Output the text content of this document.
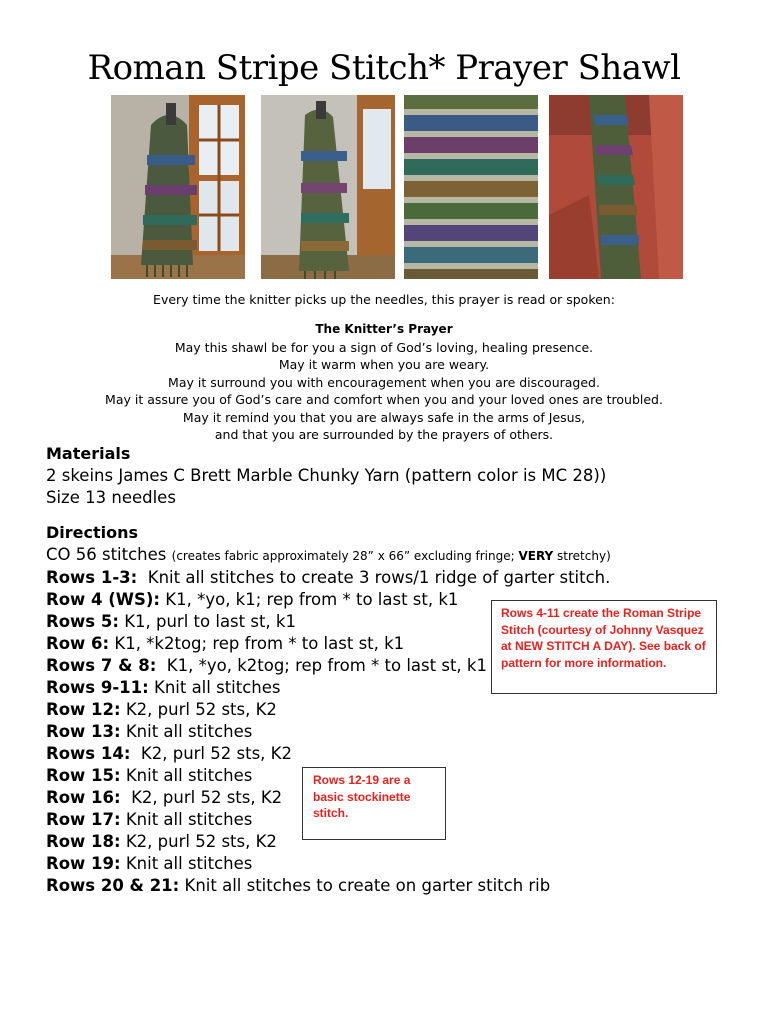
Roman Stripe Stitch* Prayer Shawl
Every time the knitter picks up the needles, this prayer is read or spoken:
The Knitter’s Prayer
May this shawl be for you a sign of God’s loving, healing presence.
May it warm when you are weary.
May it surround you with encouragement when you are discouraged.
May it assure you of God’s care and comfort when you and your loved ones are troubled.
May it remind you that you are always safe in the arms of Jesus,
and that you are surrounded by the prayers of others.
Materials
2 skeins James C Brett Marble Chunky Yarn (pattern color is MC 28))
Size 13 needles
Directions
CO 56 stitches (creates fabric approximately 28” x 66” excluding fringe; VERY stretchy)
Rows 1-3:  Knit all stitches to create 3 rows/1 ridge of garter stitch.
Row 4 (WS): K1, *yo, k1; rep from * to last st, k1
Rows 5: K1, purl to last st, k1
Row 6: K1, *k2tog; rep from * to last st, k1
Rows 7 & 8:  K1, *yo, k2tog; rep from * to last st, k1
Rows 9-11: Knit all stitches
Row 12: K2, purl 52 sts, K2
Row 13: Knit all stitches
Rows 14:  K2, purl 52 sts, K2
Row 15: Knit all stitches
Row 16:  K2, purl 52 sts, K2
Row 17: Knit all stitches
Row 18: K2, purl 52 sts, K2
Row 19: Knit all stitches
Rows 20 & 21: Knit all stitches to create on garter stitch rib
Rows 4-11 create the Roman Stripe Stitch (courtesy of Johnny Vasquez at NEW STITCH A DAY). See back of pattern for more information.
Rows 12-19 are a basic stockinette stitch.
